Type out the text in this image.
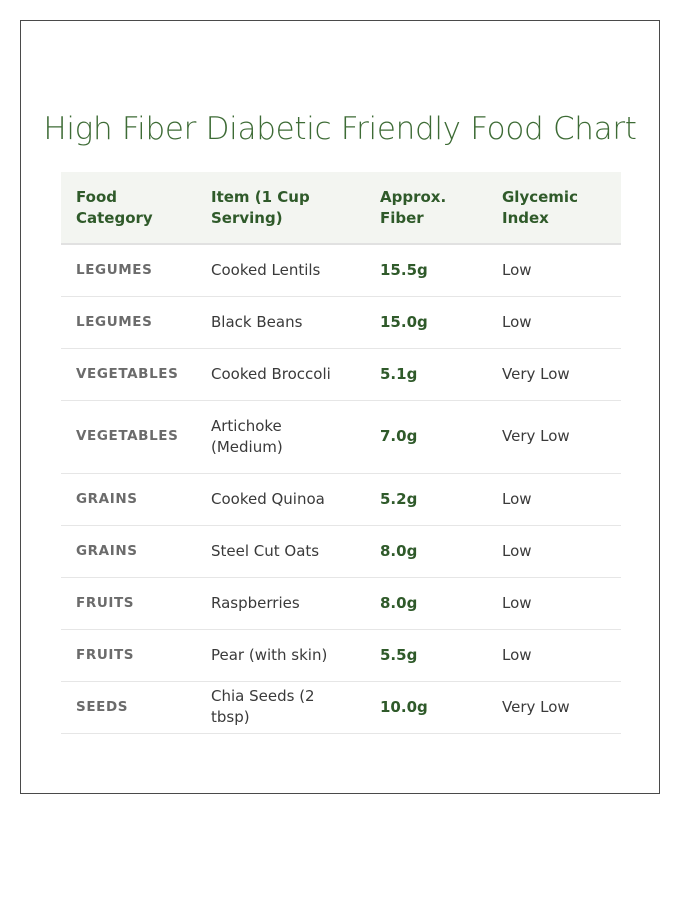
High Fiber Diabetic Friendly Food Chart
Food Category	Item (1 Cup Serving)	Approx. Fiber	Glycemic Index
LEGUMES	Cooked Lentils	15.5g	Low
LEGUMES	Black Beans	15.0g	Low
VEGETABLES	Cooked Broccoli	5.1g	Very Low
VEGETABLES	Artichoke (Medium)	7.0g	Very Low
GRAINS	Cooked Quinoa	5.2g	Low
GRAINS	Steel Cut Oats	8.0g	Low
FRUITS	Raspberries	8.0g	Low
FRUITS	Pear (with skin)	5.5g	Low
SEEDS	Chia Seeds (2 tbsp)	10.0g	Very Low
